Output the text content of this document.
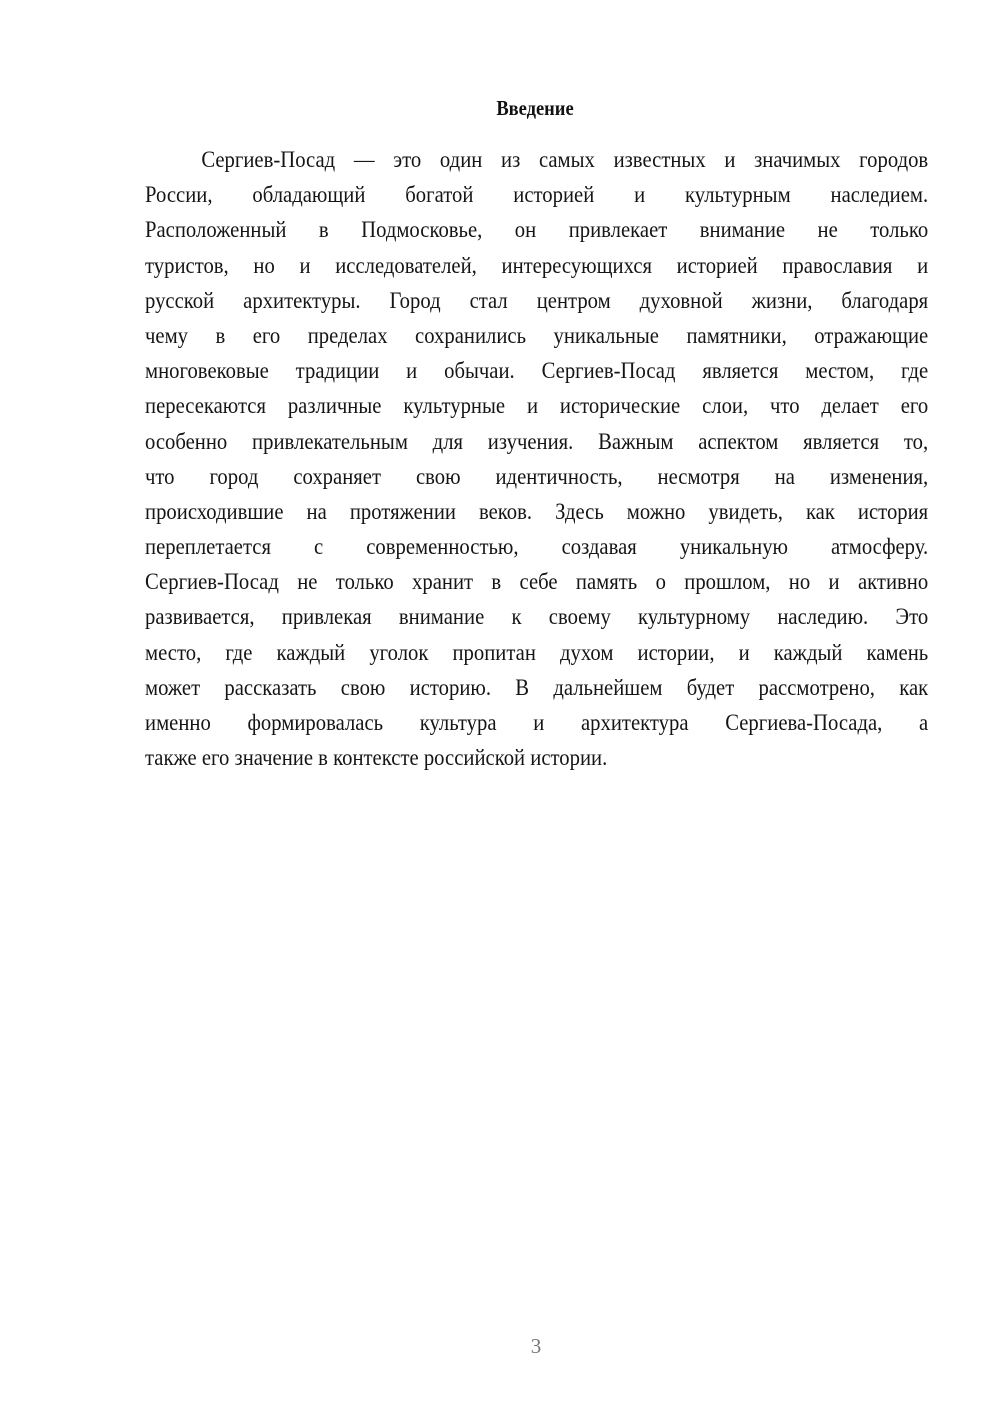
Введение
Сергиев-Посад — это один из самых известных и значимых городов
России, обладающий богатой историей и культурным наследием.
Расположенный в Подмосковье, он привлекает внимание не только
туристов, но и исследователей, интересующихся историей православия и
русской архитектуры. Город стал центром духовной жизни, благодаря
чему в его пределах сохранились уникальные памятники, отражающие
многовековые традиции и обычаи. Сергиев-Посад является местом, где
пересекаются различные культурные и исторические слои, что делает его
особенно привлекательным для изучения. Важным аспектом является то,
что город сохраняет свою идентичность, несмотря на изменения,
происходившие на протяжении веков. Здесь можно увидеть, как история
переплетается с современностью, создавая уникальную атмосферу.
Сергиев-Посад не только хранит в себе память о прошлом, но и активно
развивается, привлекая внимание к своему культурному наследию. Это
место, где каждый уголок пропитан духом истории, и каждый камень
может рассказать свою историю. В дальнейшем будет рассмотрено, как
именно формировалась культура и архитектура Сергиева-Посада, а
также его значение в контексте российской истории.
3
